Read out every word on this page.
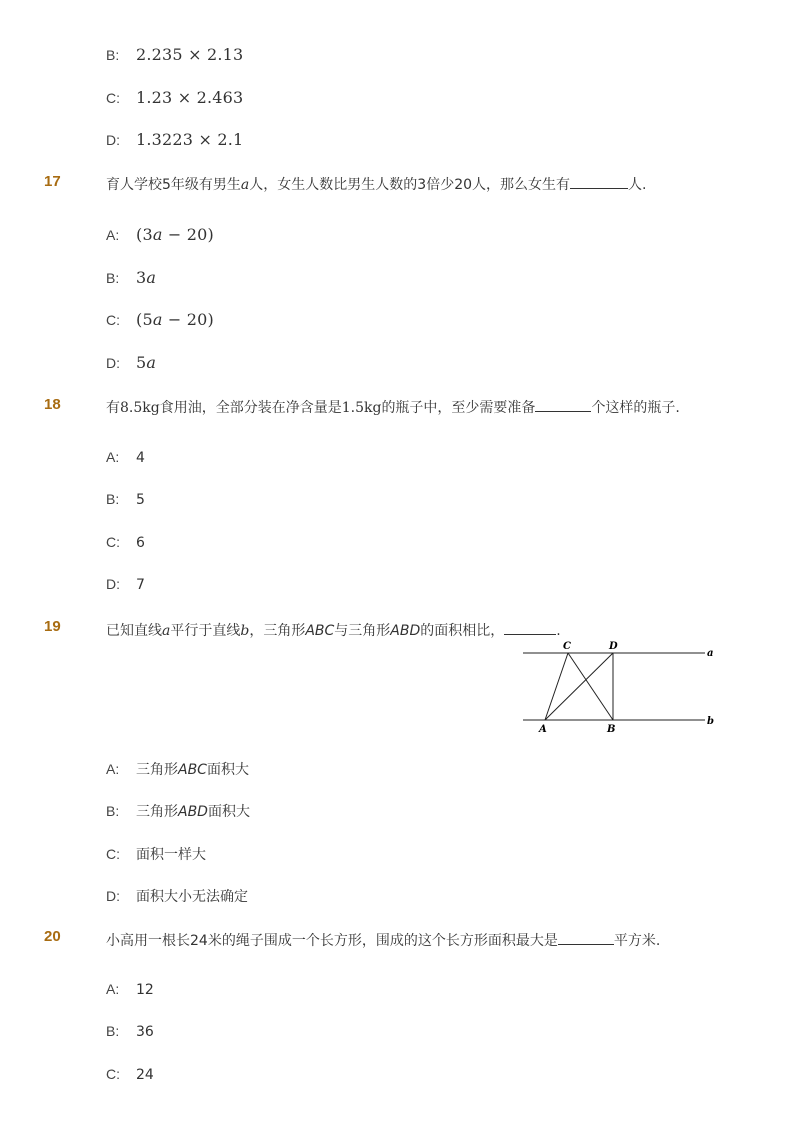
B: 2.235 × 2.13
C: 1.23 × 2.463
D: 1.3223 × 2.1
17	育人学校5年级有男生a人，女生人数比男生人数的3倍少20人，那么女生有	人.
A: (3a − 20)
B: 3a
C: (5a − 20)
D: 5a
18	有8.5kg食用油，全部分装在净含量是1.5kg的瓶子中，至少需要准备	个这样的瓶子.
A: 4
B: 5
C: 6
D: 7
19	已知直线a平行于直线b，三角形ABC与三角形ABD的面积相比，	.
C	D
a
A	B
b
A: 三角形ABC面积大
B: 三角形ABD面积大
C: 面积一样大
D: 面积大小无法确定
20	小高用一根长24米的绳子围成一个长方形，围成的这个长方形面积最大是	平方米.
A: 12
B: 36
C: 24
